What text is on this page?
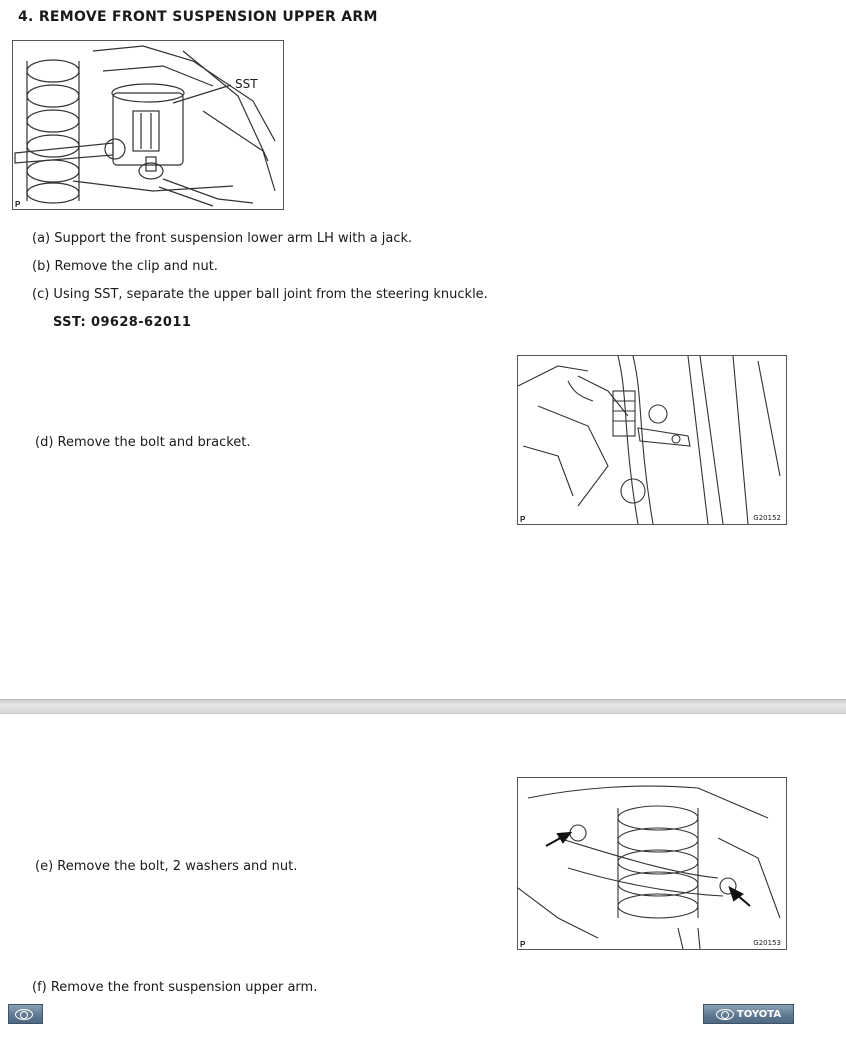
4. REMOVE FRONT SUSPENSION UPPER ARM
P
SST
(a) Support the front suspension lower arm LH with a jack.
(b) Remove the clip and nut.
(c) Using SST, separate the upper ball joint from the steering knuckle.
SST: 09628-62011
(d) Remove the bolt and bracket.
P	G20152
P	G20153
(e) Remove the bolt, 2 washers and nut.
(f) Remove the front suspension upper arm.
TOYOTA
